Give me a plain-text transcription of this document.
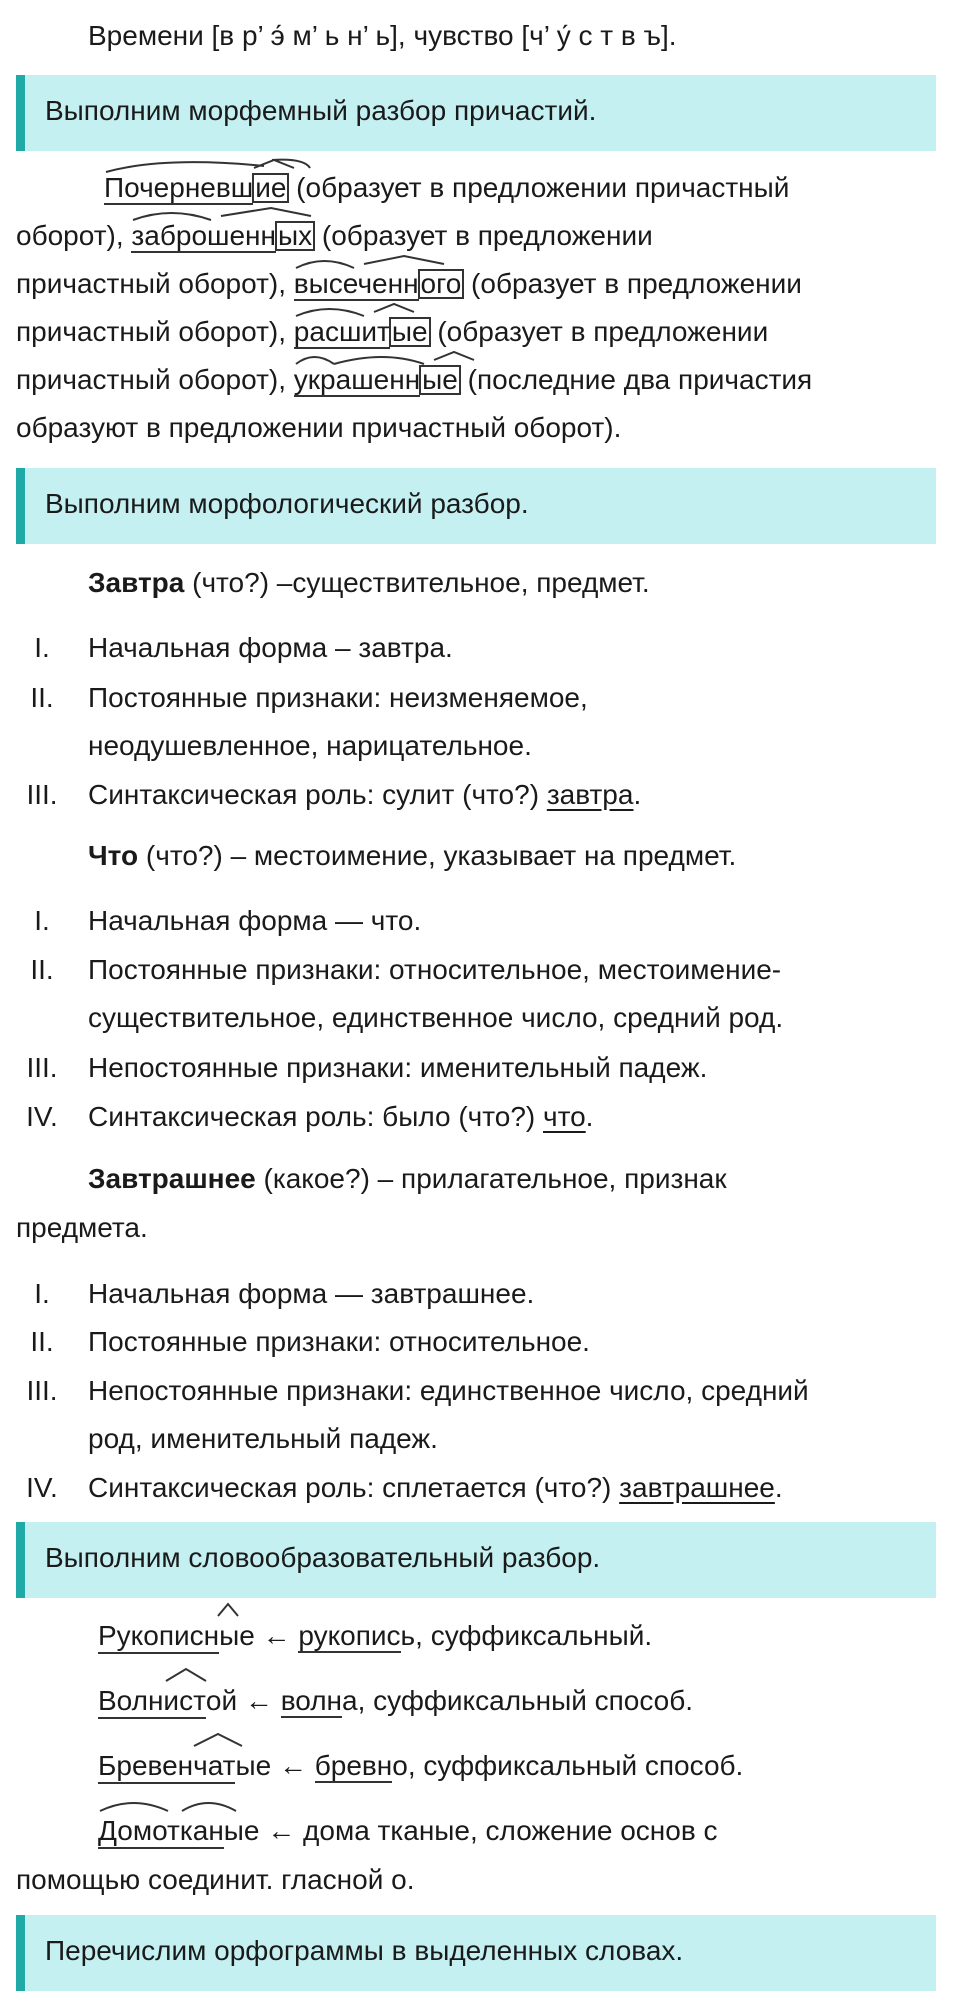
Времени [в р’ э́ м’ ь н’ ь], чувство [ч’ у́ с т в ъ].
Выполним морфемный разбор причастий.
Почерневшие
(образует в предложении причастный
оборот), заброшенных
(образует в предложении
причастный оборот), высеченного
(образует в предложении
причастный оборот), расшитые
(образует в предложении
причастный оборот), украшенные
(последние два причастия
образуют в предложении причастный оборот).
Выполним морфологический разбор.
Завтра (что?) –существительное, предмет.
I.	Начальная форма – завтра.
II. Постоянные признаки: неизменяемое,
неодушевленное, нарицательное.
III. Синтаксическая роль: сулит (что?) завтра.
Что (что?) – местоимение, указывает на предмет.
I.	Начальная форма — что.
II. Постоянные признаки: относительное, местоимение-
существительное, единственное число, средний род.
III. Непостоянные признаки: именительный падеж.
IV. Синтаксическая роль: было (что?) что.
Завтрашнее (какое?) – прилагательное, признак
предмета.
I.	Начальная форма — завтрашнее.
II. Постоянные признаки: относительное.
III. Непостоянные признаки: единственное число, средний
род, именительный падеж.
IV. Синтаксическая роль: сплетается (что?) завтрашнее.
Выполним словообразовательный разбор.
Рукописн
ые ← рукопись, суффиксальный.
Волнист
ой ← волна, суффиксальный способ.
Бревенчат
ые ← бревно, суффиксальный способ.
Домоткан
ые ← дома тканые, сложение основ с
помощью соединит. гласной о.
Перечислим орфограммы в выделенных словах.
